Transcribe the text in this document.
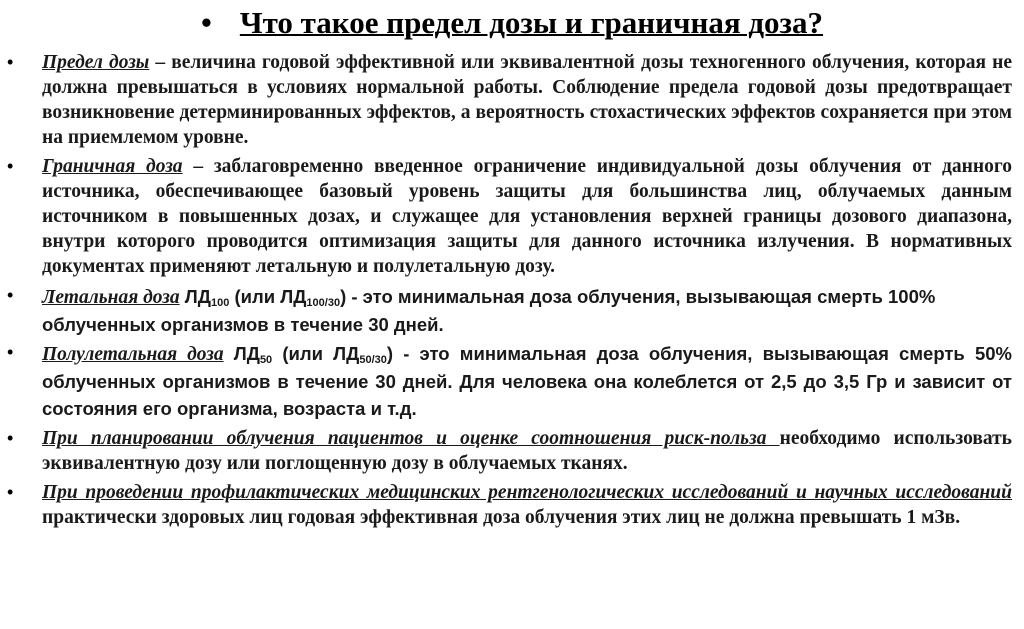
• Что такое предел дозы и граничная доза?
• Предел дозы – величина годовой эффективной или эквивалентной дозы техногенного облучения, которая не должна превышаться в условиях нормальной работы. Соблюдение предела годовой дозы предотвращает возникновение детерминированных эффектов, а вероятность стохастических эффектов сохраняется при этом на приемлемом уровне.
• Граничная доза – заблаговременно введенное ограничение индивидуальной дозы облучения от данного источника, обеспечивающее базовый уровень защиты для большинства лиц, облучаемых данным источником в повышенных дозах, и служащее для установления верхней границы дозового диапазона, внутри которого проводится оптимизация защиты для данного источника излучения. В нормативных документах применяют летальную и полулетальную дозу.
• Летальная доза $ЛД_{100}$ (или $ЛД_{100/30}$) - это минимальная доза облучения, вызывающая смерть 100% облученных организмов в течение 30 дней.
• Полулетальная доза $ЛД_{50}$ (или $ЛД_{50/30}$) - это минимальная доза облучения, вызывающая смерть 50% облученных организмов в течение 30 дней. Для человека она колеблется от 2,5 до 3,5 Гр и зависит от состояния его организма, возраста и т.д.
• При планировании облучения пациентов и оценке соотношения риск-польза необходимо использовать эквивалентную дозу или поглощенную дозу в облучаемых тканях.
• При проведении профилактических медицинских рентгенологических исследований и научных исследований практически здоровых лиц годовая эффективная доза облучения этих лиц не должна превышать 1 мЗв.
